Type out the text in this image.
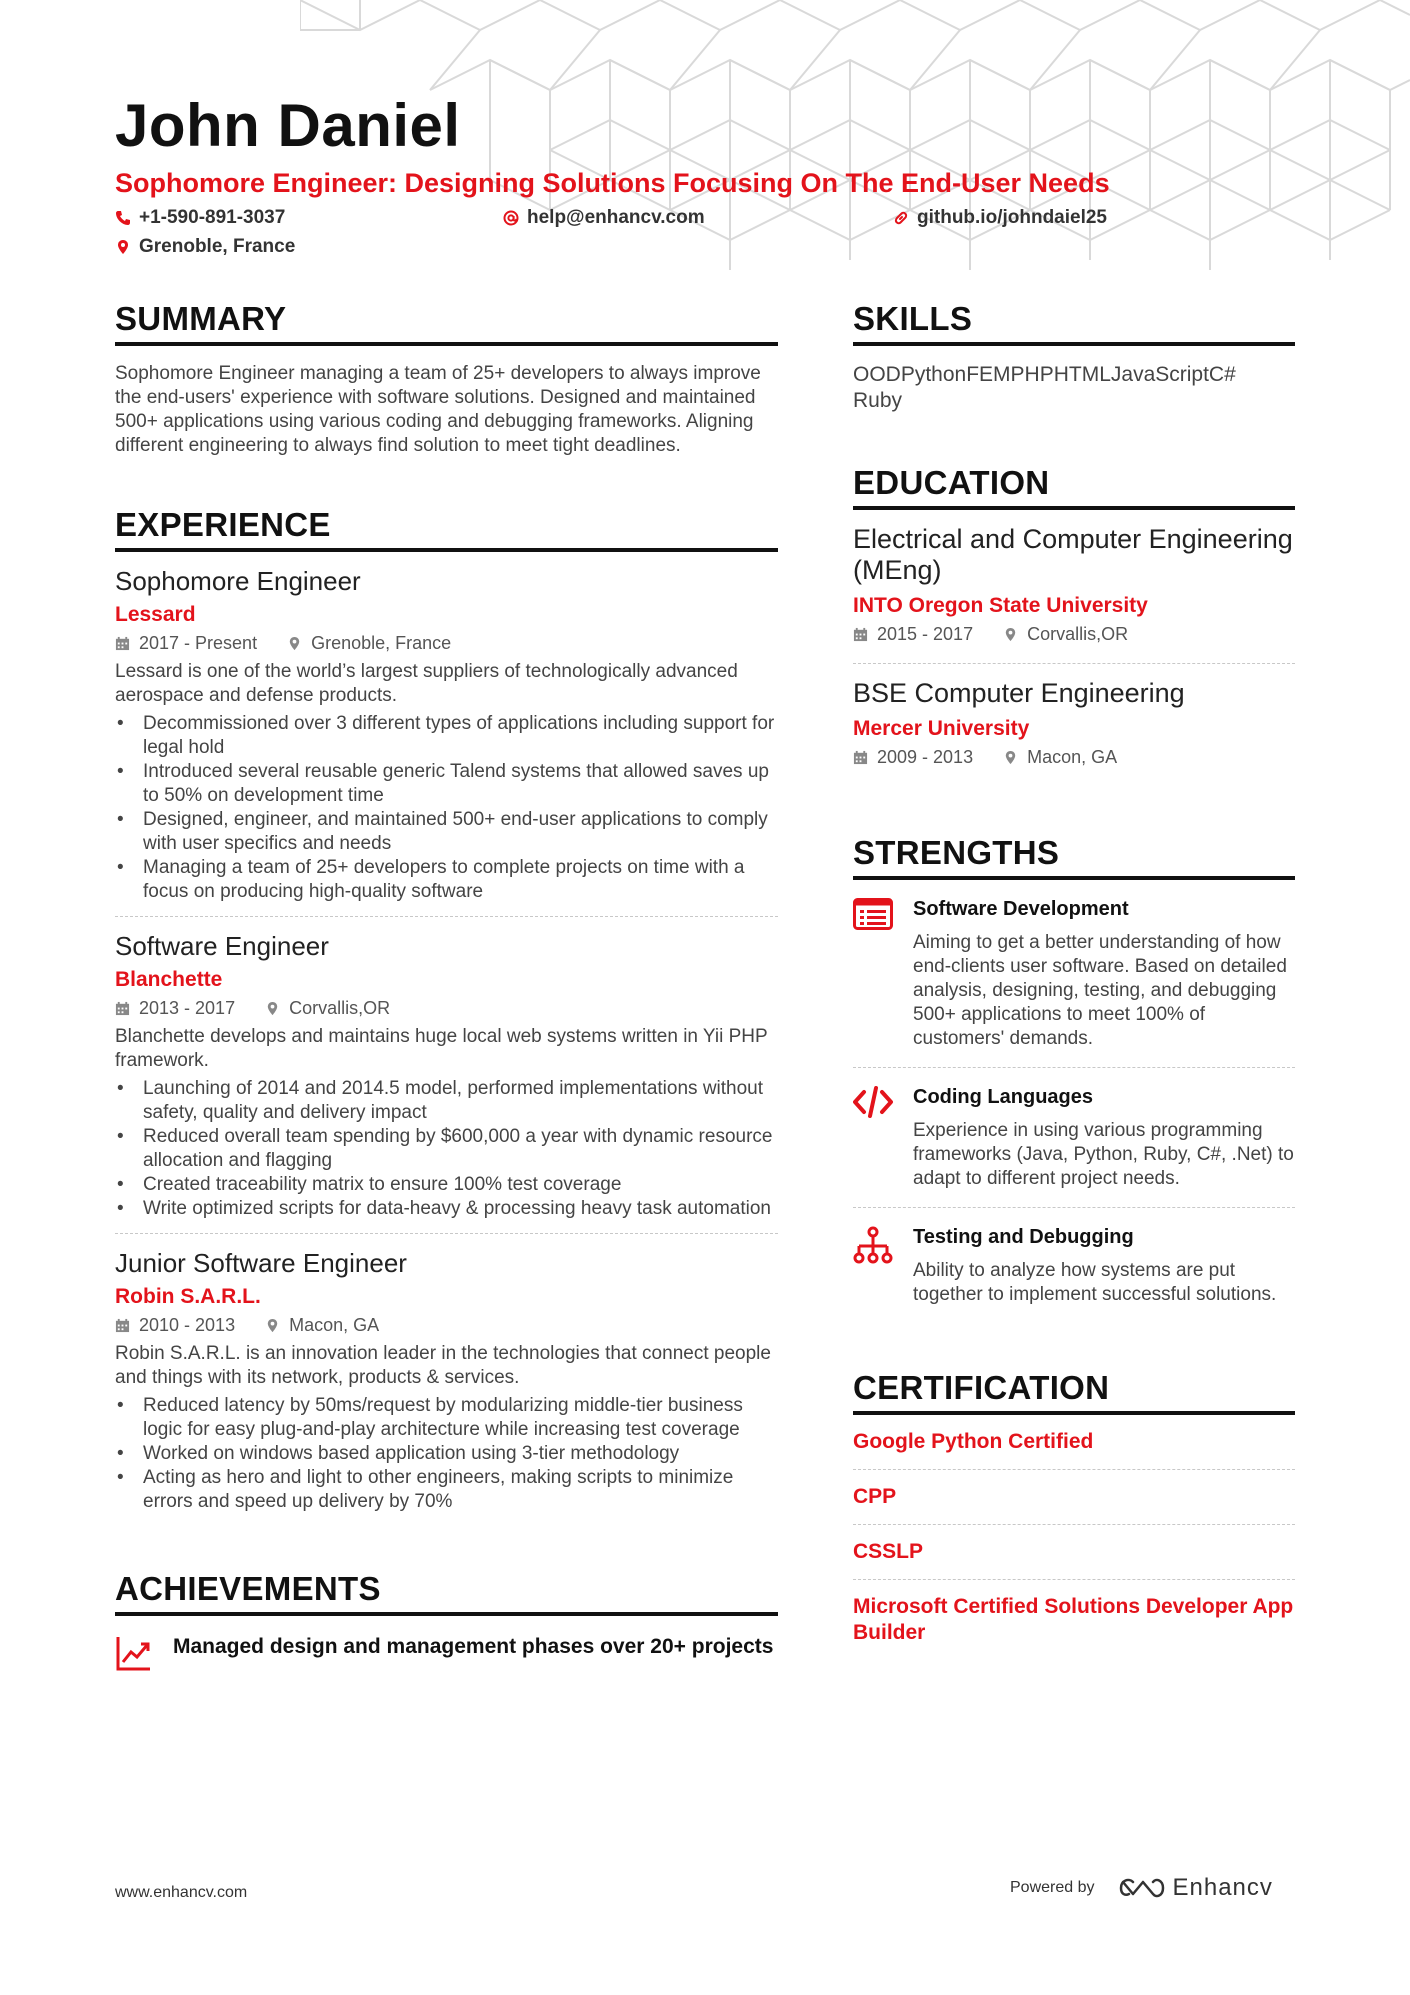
John Daniel
Sophomore Engineer: Designing Solutions Focusing On The End-User Needs
+1-590-891-3037	help@enhancv.com	github.io/johndaiel25
Grenoble, France
SUMMARY

Sophomore Engineer managing a team of 25+ developers to always improve the end-users' experience with software solutions. Designed and maintained 500+ applications using various coding and debugging frameworks. Aligning different engineering to always find solution to meet tight deadlines.

EXPERIENCE
Sophomore Engineer
Lessard
2017 - Present	Grenoble, France

Lessard is one of the world’s largest suppliers of technologically advanced aerospace and defense products.

• Decommissioned over 3 different types of applications including support for legal hold
• Introduced several reusable generic Talend systems that allowed saves up to 50% on development time
• Designed, engineer, and maintained 500+ end-user applications to comply with user specifics and needs
• Managing a team of 25+ developers to complete projects on time with a focus on producing high-quality software
Software Engineer
Blanchette
2013 - 2017	Corvallis,OR

Blanchette develops and maintains huge local web systems written in Yii PHP framework.

• Launching of 2014 and 2014.5 model, performed implementations without safety, quality and delivery impact
• Reduced overall team spending by $600,000 a year with dynamic resource allocation and flagging
• Created traceability matrix to ensure 100% test coverage
• Write optimized scripts for data-heavy & processing heavy task automation
Junior Software Engineer
Robin S.A.R.L.
2010 - 2013	Macon, GA

Robin S.A.R.L. is an innovation leader in the technologies that connect people and things with its network, products & services.

• Reduced latency by 50ms/request by modularizing middle-tier business logic for easy plug-and-play architecture while increasing test coverage
• Worked on windows based application using 3-tier methodology
• Acting as hero and light to other engineers, making scripts to minimize errors and speed up delivery by 70%
ACHIEVEMENTS
Managed design and management phases over 20+ projects
SKILLS
OODPythonFEMPHPHTMLJavaScriptC#
Ruby
EDUCATION
Electrical and Computer Engineering (MEng)
INTO Oregon State University
2015 - 2017	Corvallis,OR
BSE Computer Engineering
Mercer University
2009 - 2013	Macon, GA
STRENGTHS
Software Development

Aiming to get a better understanding of how end-clients user software. Based on detailed analysis, designing, testing, and debugging 500+ applications to meet 100% of customers' demands.

Coding Languages

Experience in using various programming frameworks (Java, Python, Ruby, C#, .Net) to adapt to different project needs.

Testing and Debugging

Ability to analyze how systems are put together to implement successful solutions.

CERTIFICATION
Google Python Certified
CPP
CSSLP
Microsoft Certified Solutions Developer App Builder
www.enhancv.com	Powered by	Enhancv
